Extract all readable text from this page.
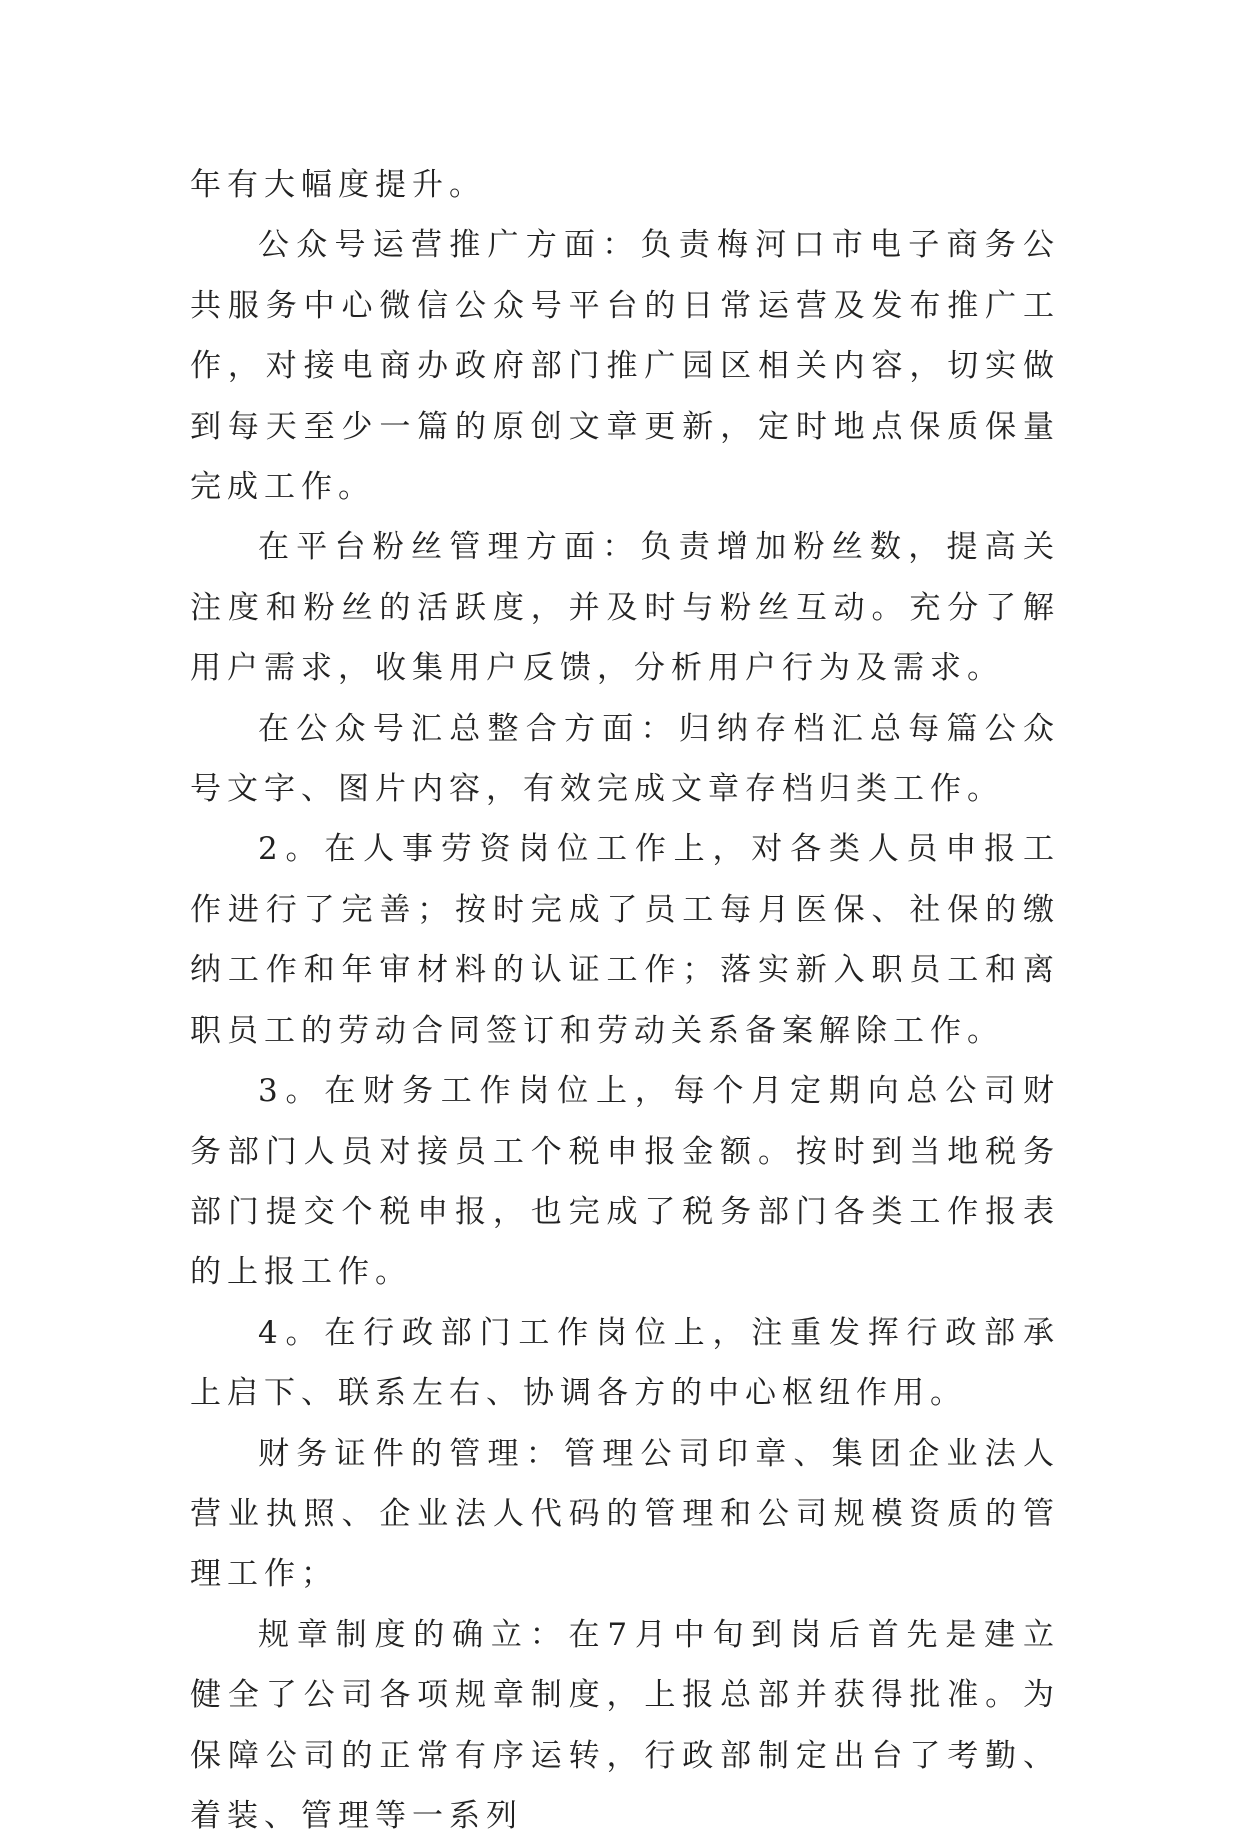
年有大幅度提升。

公众号运营推广方面：负责梅河口市电子商务公共服务中心微信公众号平台的日常运营及发布推广工作，对接电商办政府部门推广园区相关内容，切实做到每天至少一篇的原创文章更新，定时地点保质保量完成工作。

在平台粉丝管理方面：负责增加粉丝数，提高关注度和粉丝的活跃度，并及时与粉丝互动。充分了解用户需求，收集用户反馈，分析用户行为及需求。

在公众号汇总整合方面：归纳存档汇总每篇公众号文字、图片内容，有效完成文章存档归类工作。

2。在人事劳资岗位工作上，对各类人员申报工作进行了完善；按时完成了员工每月医保、社保的缴纳工作和年审材料的认证工作；落实新入职员工和离职员工的劳动合同签订和劳动关系备案解除工作。

3。在财务工作岗位上，每个月定期向总公司财务部门人员对接员工个税申报金额。按时到当地税务部门提交个税申报，也完成了税务部门各类工作报表的上报工作。

4。在行政部门工作岗位上，注重发挥行政部承上启下、联系左右、协调各方的中心枢纽作用。

财务证件的管理：管理公司印章、集团企业法人营业执照、企业法人代码的管理和公司规模资质的管理工作；

规章制度的确立：在7月中旬到岗后首先是建立健全了公司各项规章制度，上报总部并获得批准。为保障公司的正常有序运转，行政部制定出台了考勤、着装、管理等一系列
